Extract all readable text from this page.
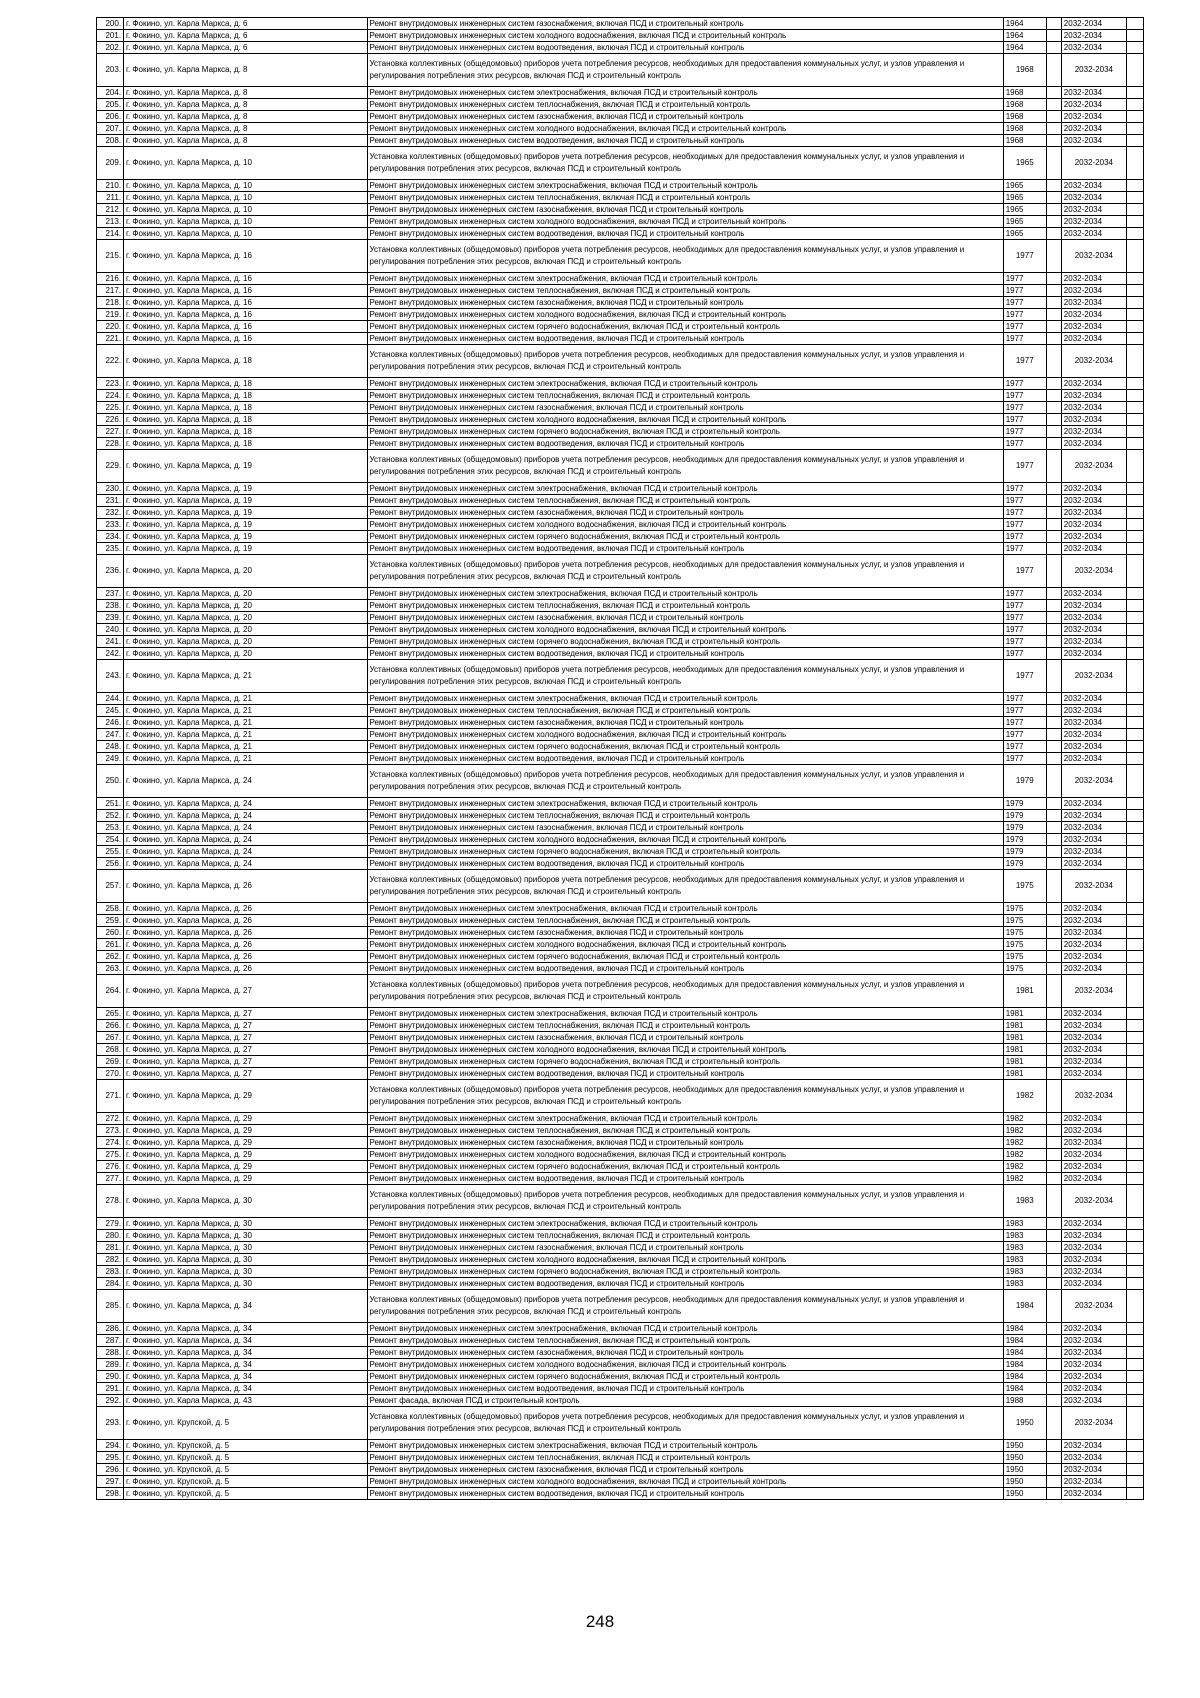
200.	г. Фокино, ул. Карла Маркса, д. 6	Ремонт внутридомовых инженерных систем газоснабжения, включая ПСД и строительный контроль	1964		2032-2034	
201.	г. Фокино, ул. Карла Маркса, д. 6	Ремонт внутридомовых инженерных систем холодного водоснабжения, включая ПСД и строительный контроль	1964		2032-2034	
202.	г. Фокино, ул. Карла Маркса, д. 6	Ремонт внутридомовых инженерных систем водоотведения, включая ПСД и строительный контроль	1964		2032-2034	
203.	г. Фокино, ул. Карла Маркса, д. 8	Установка коллективных (общедомовых) приборов учета потребления ресурсов, необходимых для предоставления коммунальных услуг, и узлов управления и регулирования потребления этих ресурсов, включая ПСД и строительный контроль	1968		2032-2034	
204.	г. Фокино, ул. Карла Маркса, д. 8	Ремонт внутридомовых инженерных систем электроснабжения, включая ПСД и строительный контроль	1968		2032-2034	
205.	г. Фокино, ул. Карла Маркса, д. 8	Ремонт внутридомовых инженерных систем теплоснабжения, включая ПСД и строительный контроль	1968		2032-2034	
206.	г. Фокино, ул. Карла Маркса, д. 8	Ремонт внутридомовых инженерных систем газоснабжения, включая ПСД и строительный контроль	1968		2032-2034	
207.	г. Фокино, ул. Карла Маркса, д. 8	Ремонт внутридомовых инженерных систем холодного водоснабжения, включая ПСД и строительный контроль	1968		2032-2034	
208.	г. Фокино, ул. Карла Маркса, д. 8	Ремонт внутридомовых инженерных систем водоотведения, включая ПСД и строительный контроль	1968		2032-2034	
209.	г. Фокино, ул. Карла Маркса, д. 10	Установка коллективных (общедомовых) приборов учета потребления ресурсов, необходимых для предоставления коммунальных услуг, и узлов управления и регулирования потребления этих ресурсов, включая ПСД и строительный контроль	1965		2032-2034	
210.	г. Фокино, ул. Карла Маркса, д. 10	Ремонт внутридомовых инженерных систем электроснабжения, включая ПСД и строительный контроль	1965		2032-2034	
211.	г. Фокино, ул. Карла Маркса, д. 10	Ремонт внутридомовых инженерных систем теплоснабжения, включая ПСД и строительный контроль	1965		2032-2034	
212.	г. Фокино, ул. Карла Маркса, д. 10	Ремонт внутридомовых инженерных систем газоснабжения, включая ПСД и строительный контроль	1965		2032-2034	
213.	г. Фокино, ул. Карла Маркса, д. 10	Ремонт внутридомовых инженерных систем холодного водоснабжения, включая ПСД и строительный контроль	1965		2032-2034	
214.	г. Фокино, ул. Карла Маркса, д. 10	Ремонт внутридомовых инженерных систем водоотведения, включая ПСД и строительный контроль	1965		2032-2034	
215.	г. Фокино, ул. Карла Маркса, д. 16	Установка коллективных (общедомовых) приборов учета потребления ресурсов, необходимых для предоставления коммунальных услуг, и узлов управления и регулирования потребления этих ресурсов, включая ПСД и строительный контроль	1977		2032-2034	
216.	г. Фокино, ул. Карла Маркса, д. 16	Ремонт внутридомовых инженерных систем электроснабжения, включая ПСД и строительный контроль	1977		2032-2034	
217.	г. Фокино, ул. Карла Маркса, д. 16	Ремонт внутридомовых инженерных систем теплоснабжения, включая ПСД и строительный контроль	1977		2032-2034	
218.	г. Фокино, ул. Карла Маркса, д. 16	Ремонт внутридомовых инженерных систем газоснабжения, включая ПСД и строительный контроль	1977		2032-2034	
219.	г. Фокино, ул. Карла Маркса, д. 16	Ремонт внутридомовых инженерных систем холодного водоснабжения, включая ПСД и строительный контроль	1977		2032-2034	
220.	г. Фокино, ул. Карла Маркса, д. 16	Ремонт внутридомовых инженерных систем горячего водоснабжения, включая ПСД и строительный контроль	1977		2032-2034	
221.	г. Фокино, ул. Карла Маркса, д. 16	Ремонт внутридомовых инженерных систем водоотведения, включая ПСД и строительный контроль	1977		2032-2034	
222.	г. Фокино, ул. Карла Маркса, д. 18	Установка коллективных (общедомовых) приборов учета потребления ресурсов, необходимых для предоставления коммунальных услуг, и узлов управления и регулирования потребления этих ресурсов, включая ПСД и строительный контроль	1977		2032-2034	
223.	г. Фокино, ул. Карла Маркса, д. 18	Ремонт внутридомовых инженерных систем электроснабжения, включая ПСД и строительный контроль	1977		2032-2034	
224.	г. Фокино, ул. Карла Маркса, д. 18	Ремонт внутридомовых инженерных систем теплоснабжения, включая ПСД и строительный контроль	1977		2032-2034	
225.	г. Фокино, ул. Карла Маркса, д. 18	Ремонт внутридомовых инженерных систем газоснабжения, включая ПСД и строительный контроль	1977		2032-2034	
226.	г. Фокино, ул. Карла Маркса, д. 18	Ремонт внутридомовых инженерных систем холодного водоснабжения, включая ПСД и строительный контроль	1977		2032-2034	
227.	г. Фокино, ул. Карла Маркса, д. 18	Ремонт внутридомовых инженерных систем горячего водоснабжения, включая ПСД и строительный контроль	1977		2032-2034	
228.	г. Фокино, ул. Карла Маркса, д. 18	Ремонт внутридомовых инженерных систем водоотведения, включая ПСД и строительный контроль	1977		2032-2034	
229.	г. Фокино, ул. Карла Маркса, д. 19	Установка коллективных (общедомовых) приборов учета потребления ресурсов, необходимых для предоставления коммунальных услуг, и узлов управления и регулирования потребления этих ресурсов, включая ПСД и строительный контроль	1977		2032-2034	
230.	г. Фокино, ул. Карла Маркса, д. 19	Ремонт внутридомовых инженерных систем электроснабжения, включая ПСД и строительный контроль	1977		2032-2034	
231.	г. Фокино, ул. Карла Маркса, д. 19	Ремонт внутридомовых инженерных систем теплоснабжения, включая ПСД и строительный контроль	1977		2032-2034	
232.	г. Фокино, ул. Карла Маркса, д. 19	Ремонт внутридомовых инженерных систем газоснабжения, включая ПСД и строительный контроль	1977		2032-2034	
233.	г. Фокино, ул. Карла Маркса, д. 19	Ремонт внутридомовых инженерных систем холодного водоснабжения, включая ПСД и строительный контроль	1977		2032-2034	
234.	г. Фокино, ул. Карла Маркса, д. 19	Ремонт внутридомовых инженерных систем горячего водоснабжения, включая ПСД и строительный контроль	1977		2032-2034	
235.	г. Фокино, ул. Карла Маркса, д. 19	Ремонт внутридомовых инженерных систем водоотведения, включая ПСД и строительный контроль	1977		2032-2034	
236.	г. Фокино, ул. Карла Маркса, д. 20	Установка коллективных (общедомовых) приборов учета потребления ресурсов, необходимых для предоставления коммунальных услуг, и узлов управления и регулирования потребления этих ресурсов, включая ПСД и строительный контроль	1977		2032-2034	
237.	г. Фокино, ул. Карла Маркса, д. 20	Ремонт внутридомовых инженерных систем электроснабжения, включая ПСД и строительный контроль	1977		2032-2034	
238.	г. Фокино, ул. Карла Маркса, д. 20	Ремонт внутридомовых инженерных систем теплоснабжения, включая ПСД и строительный контроль	1977		2032-2034	
239.	г. Фокино, ул. Карла Маркса, д. 20	Ремонт внутридомовых инженерных систем газоснабжения, включая ПСД и строительный контроль	1977		2032-2034	
240.	г. Фокино, ул. Карла Маркса, д. 20	Ремонт внутридомовых инженерных систем холодного водоснабжения, включая ПСД и строительный контроль	1977		2032-2034	
241.	г. Фокино, ул. Карла Маркса, д. 20	Ремонт внутридомовых инженерных систем горячего водоснабжения, включая ПСД и строительный контроль	1977		2032-2034	
242.	г. Фокино, ул. Карла Маркса, д. 20	Ремонт внутридомовых инженерных систем водоотведения, включая ПСД и строительный контроль	1977		2032-2034	
243.	г. Фокино, ул. Карла Маркса, д. 21	Установка коллективных (общедомовых) приборов учета потребления ресурсов, необходимых для предоставления коммунальных услуг, и узлов управления и регулирования потребления этих ресурсов, включая ПСД и строительный контроль	1977		2032-2034	
244.	г. Фокино, ул. Карла Маркса, д. 21	Ремонт внутридомовых инженерных систем электроснабжения, включая ПСД и строительный контроль	1977		2032-2034	
245.	г. Фокино, ул. Карла Маркса, д. 21	Ремонт внутридомовых инженерных систем теплоснабжения, включая ПСД и строительный контроль	1977		2032-2034	
246.	г. Фокино, ул. Карла Маркса, д. 21	Ремонт внутридомовых инженерных систем газоснабжения, включая ПСД и строительный контроль	1977		2032-2034	
247.	г. Фокино, ул. Карла Маркса, д. 21	Ремонт внутридомовых инженерных систем холодного водоснабжения, включая ПСД и строительный контроль	1977		2032-2034	
248.	г. Фокино, ул. Карла Маркса, д. 21	Ремонт внутридомовых инженерных систем горячего водоснабжения, включая ПСД и строительный контроль	1977		2032-2034	
249.	г. Фокино, ул. Карла Маркса, д. 21	Ремонт внутридомовых инженерных систем водоотведения, включая ПСД и строительный контроль	1977		2032-2034	
250.	г. Фокино, ул. Карла Маркса, д. 24	Установка коллективных (общедомовых) приборов учета потребления ресурсов, необходимых для предоставления коммунальных услуг, и узлов управления и регулирования потребления этих ресурсов, включая ПСД и строительный контроль	1979		2032-2034	
251.	г. Фокино, ул. Карла Маркса, д. 24	Ремонт внутридомовых инженерных систем электроснабжения, включая ПСД и строительный контроль	1979		2032-2034	
252.	г. Фокино, ул. Карла Маркса, д. 24	Ремонт внутридомовых инженерных систем теплоснабжения, включая ПСД и строительный контроль	1979		2032-2034	
253.	г. Фокино, ул. Карла Маркса, д. 24	Ремонт внутридомовых инженерных систем газоснабжения, включая ПСД и строительный контроль	1979		2032-2034	
254.	г. Фокино, ул. Карла Маркса, д. 24	Ремонт внутридомовых инженерных систем холодного водоснабжения, включая ПСД и строительный контроль	1979		2032-2034	
255.	г. Фокино, ул. Карла Маркса, д. 24	Ремонт внутридомовых инженерных систем горячего водоснабжения, включая ПСД и строительный контроль	1979		2032-2034	
256.	г. Фокино, ул. Карла Маркса, д. 24	Ремонт внутридомовых инженерных систем водоотведения, включая ПСД и строительный контроль	1979		2032-2034	
257.	г. Фокино, ул. Карла Маркса, д. 26	Установка коллективных (общедомовых) приборов учета потребления ресурсов, необходимых для предоставления коммунальных услуг, и узлов управления и регулирования потребления этих ресурсов, включая ПСД и строительный контроль	1975		2032-2034	
258.	г. Фокино, ул. Карла Маркса, д. 26	Ремонт внутридомовых инженерных систем электроснабжения, включая ПСД и строительный контроль	1975		2032-2034	
259.	г. Фокино, ул. Карла Маркса, д. 26	Ремонт внутридомовых инженерных систем теплоснабжения, включая ПСД и строительный контроль	1975		2032-2034	
260.	г. Фокино, ул. Карла Маркса, д. 26	Ремонт внутридомовых инженерных систем газоснабжения, включая ПСД и строительный контроль	1975		2032-2034	
261.	г. Фокино, ул. Карла Маркса, д. 26	Ремонт внутридомовых инженерных систем холодного водоснабжения, включая ПСД и строительный контроль	1975		2032-2034	
262.	г. Фокино, ул. Карла Маркса, д. 26	Ремонт внутридомовых инженерных систем горячего водоснабжения, включая ПСД и строительный контроль	1975		2032-2034	
263.	г. Фокино, ул. Карла Маркса, д. 26	Ремонт внутридомовых инженерных систем водоотведения, включая ПСД и строительный контроль	1975		2032-2034	
264.	г. Фокино, ул. Карла Маркса, д. 27	Установка коллективных (общедомовых) приборов учета потребления ресурсов, необходимых для предоставления коммунальных услуг, и узлов управления и регулирования потребления этих ресурсов, включая ПСД и строительный контроль	1981		2032-2034	
265.	г. Фокино, ул. Карла Маркса, д. 27	Ремонт внутридомовых инженерных систем электроснабжения, включая ПСД и строительный контроль	1981		2032-2034	
266.	г. Фокино, ул. Карла Маркса, д. 27	Ремонт внутридомовых инженерных систем теплоснабжения, включая ПСД и строительный контроль	1981		2032-2034	
267.	г. Фокино, ул. Карла Маркса, д. 27	Ремонт внутридомовых инженерных систем газоснабжения, включая ПСД и строительный контроль	1981		2032-2034	
268.	г. Фокино, ул. Карла Маркса, д. 27	Ремонт внутридомовых инженерных систем холодного водоснабжения, включая ПСД и строительный контроль	1981		2032-2034	
269.	г. Фокино, ул. Карла Маркса, д. 27	Ремонт внутридомовых инженерных систем горячего водоснабжения, включая ПСД и строительный контроль	1981		2032-2034	
270.	г. Фокино, ул. Карла Маркса, д. 27	Ремонт внутридомовых инженерных систем водоотведения, включая ПСД и строительный контроль	1981		2032-2034	
271.	г. Фокино, ул. Карла Маркса, д. 29	Установка коллективных (общедомовых) приборов учета потребления ресурсов, необходимых для предоставления коммунальных услуг, и узлов управления и регулирования потребления этих ресурсов, включая ПСД и строительный контроль	1982		2032-2034	
272.	г. Фокино, ул. Карла Маркса, д. 29	Ремонт внутридомовых инженерных систем электроснабжения, включая ПСД и строительный контроль	1982		2032-2034	
273.	г. Фокино, ул. Карла Маркса, д. 29	Ремонт внутридомовых инженерных систем теплоснабжения, включая ПСД и строительный контроль	1982		2032-2034	
274.	г. Фокино, ул. Карла Маркса, д. 29	Ремонт внутридомовых инженерных систем газоснабжения, включая ПСД и строительный контроль	1982		2032-2034	
275.	г. Фокино, ул. Карла Маркса, д. 29	Ремонт внутридомовых инженерных систем холодного водоснабжения, включая ПСД и строительный контроль	1982		2032-2034	
276.	г. Фокино, ул. Карла Маркса, д. 29	Ремонт внутридомовых инженерных систем горячего водоснабжения, включая ПСД и строительный контроль	1982		2032-2034	
277.	г. Фокино, ул. Карла Маркса, д. 29	Ремонт внутридомовых инженерных систем водоотведения, включая ПСД и строительный контроль	1982		2032-2034	
278.	г. Фокино, ул. Карла Маркса, д. 30	Установка коллективных (общедомовых) приборов учета потребления ресурсов, необходимых для предоставления коммунальных услуг, и узлов управления и регулирования потребления этих ресурсов, включая ПСД и строительный контроль	1983		2032-2034	
279.	г. Фокино, ул. Карла Маркса, д. 30	Ремонт внутридомовых инженерных систем электроснабжения, включая ПСД и строительный контроль	1983		2032-2034	
280.	г. Фокино, ул. Карла Маркса, д. 30	Ремонт внутридомовых инженерных систем теплоснабжения, включая ПСД и строительный контроль	1983		2032-2034	
281.	г. Фокино, ул. Карла Маркса, д. 30	Ремонт внутридомовых инженерных систем газоснабжения, включая ПСД и строительный контроль	1983		2032-2034	
282.	г. Фокино, ул. Карла Маркса, д. 30	Ремонт внутридомовых инженерных систем холодного водоснабжения, включая ПСД и строительный контроль	1983		2032-2034	
283.	г. Фокино, ул. Карла Маркса, д. 30	Ремонт внутридомовых инженерных систем горячего водоснабжения, включая ПСД и строительный контроль	1983		2032-2034	
284.	г. Фокино, ул. Карла Маркса, д. 30	Ремонт внутридомовых инженерных систем водоотведения, включая ПСД и строительный контроль	1983		2032-2034	
285.	г. Фокино, ул. Карла Маркса, д. 34	Установка коллективных (общедомовых) приборов учета потребления ресурсов, необходимых для предоставления коммунальных услуг, и узлов управления и регулирования потребления этих ресурсов, включая ПСД и строительный контроль	1984		2032-2034	
286.	г. Фокино, ул. Карла Маркса, д. 34	Ремонт внутридомовых инженерных систем электроснабжения, включая ПСД и строительный контроль	1984		2032-2034	
287.	г. Фокино, ул. Карла Маркса, д. 34	Ремонт внутридомовых инженерных систем теплоснабжения, включая ПСД и строительный контроль	1984		2032-2034	
288.	г. Фокино, ул. Карла Маркса, д. 34	Ремонт внутридомовых инженерных систем газоснабжения, включая ПСД и строительный контроль	1984		2032-2034	
289.	г. Фокино, ул. Карла Маркса, д. 34	Ремонт внутридомовых инженерных систем холодного водоснабжения, включая ПСД и строительный контроль	1984		2032-2034	
290.	г. Фокино, ул. Карла Маркса, д. 34	Ремонт внутридомовых инженерных систем горячего водоснабжения, включая ПСД и строительный контроль	1984		2032-2034	
291.	г. Фокино, ул. Карла Маркса, д. 34	Ремонт внутридомовых инженерных систем водоотведения, включая ПСД и строительный контроль	1984		2032-2034	
292.	г. Фокино, ул. Карла Маркса, д. 43	Ремонт фасада, включая ПСД и строительный контроль	1988		2032-2034	
293.	г. Фокино, ул. Крупской, д. 5	Установка коллективных (общедомовых) приборов учета потребления ресурсов, необходимых для предоставления коммунальных услуг, и узлов управления и регулирования потребления этих ресурсов, включая ПСД и строительный контроль	1950		2032-2034	
294.	г. Фокино, ул. Крупской, д. 5	Ремонт внутридомовых инженерных систем электроснабжения, включая ПСД и строительный контроль	1950		2032-2034	
295.	г. Фокино, ул. Крупской, д. 5	Ремонт внутридомовых инженерных систем теплоснабжения, включая ПСД и строительный контроль	1950		2032-2034	
296.	г. Фокино, ул. Крупской, д. 5	Ремонт внутридомовых инженерных систем газоснабжения, включая ПСД и строительный контроль	1950		2032-2034	
297.	г. Фокино, ул. Крупской, д. 5	Ремонт внутридомовых инженерных систем холодного водоснабжения, включая ПСД и строительный контроль	1950		2032-2034	
298.	г. Фокино, ул. Крупской, д. 5	Ремонт внутридомовых инженерных систем водоотведения, включая ПСД и строительный контроль	1950		2032-2034	
248
